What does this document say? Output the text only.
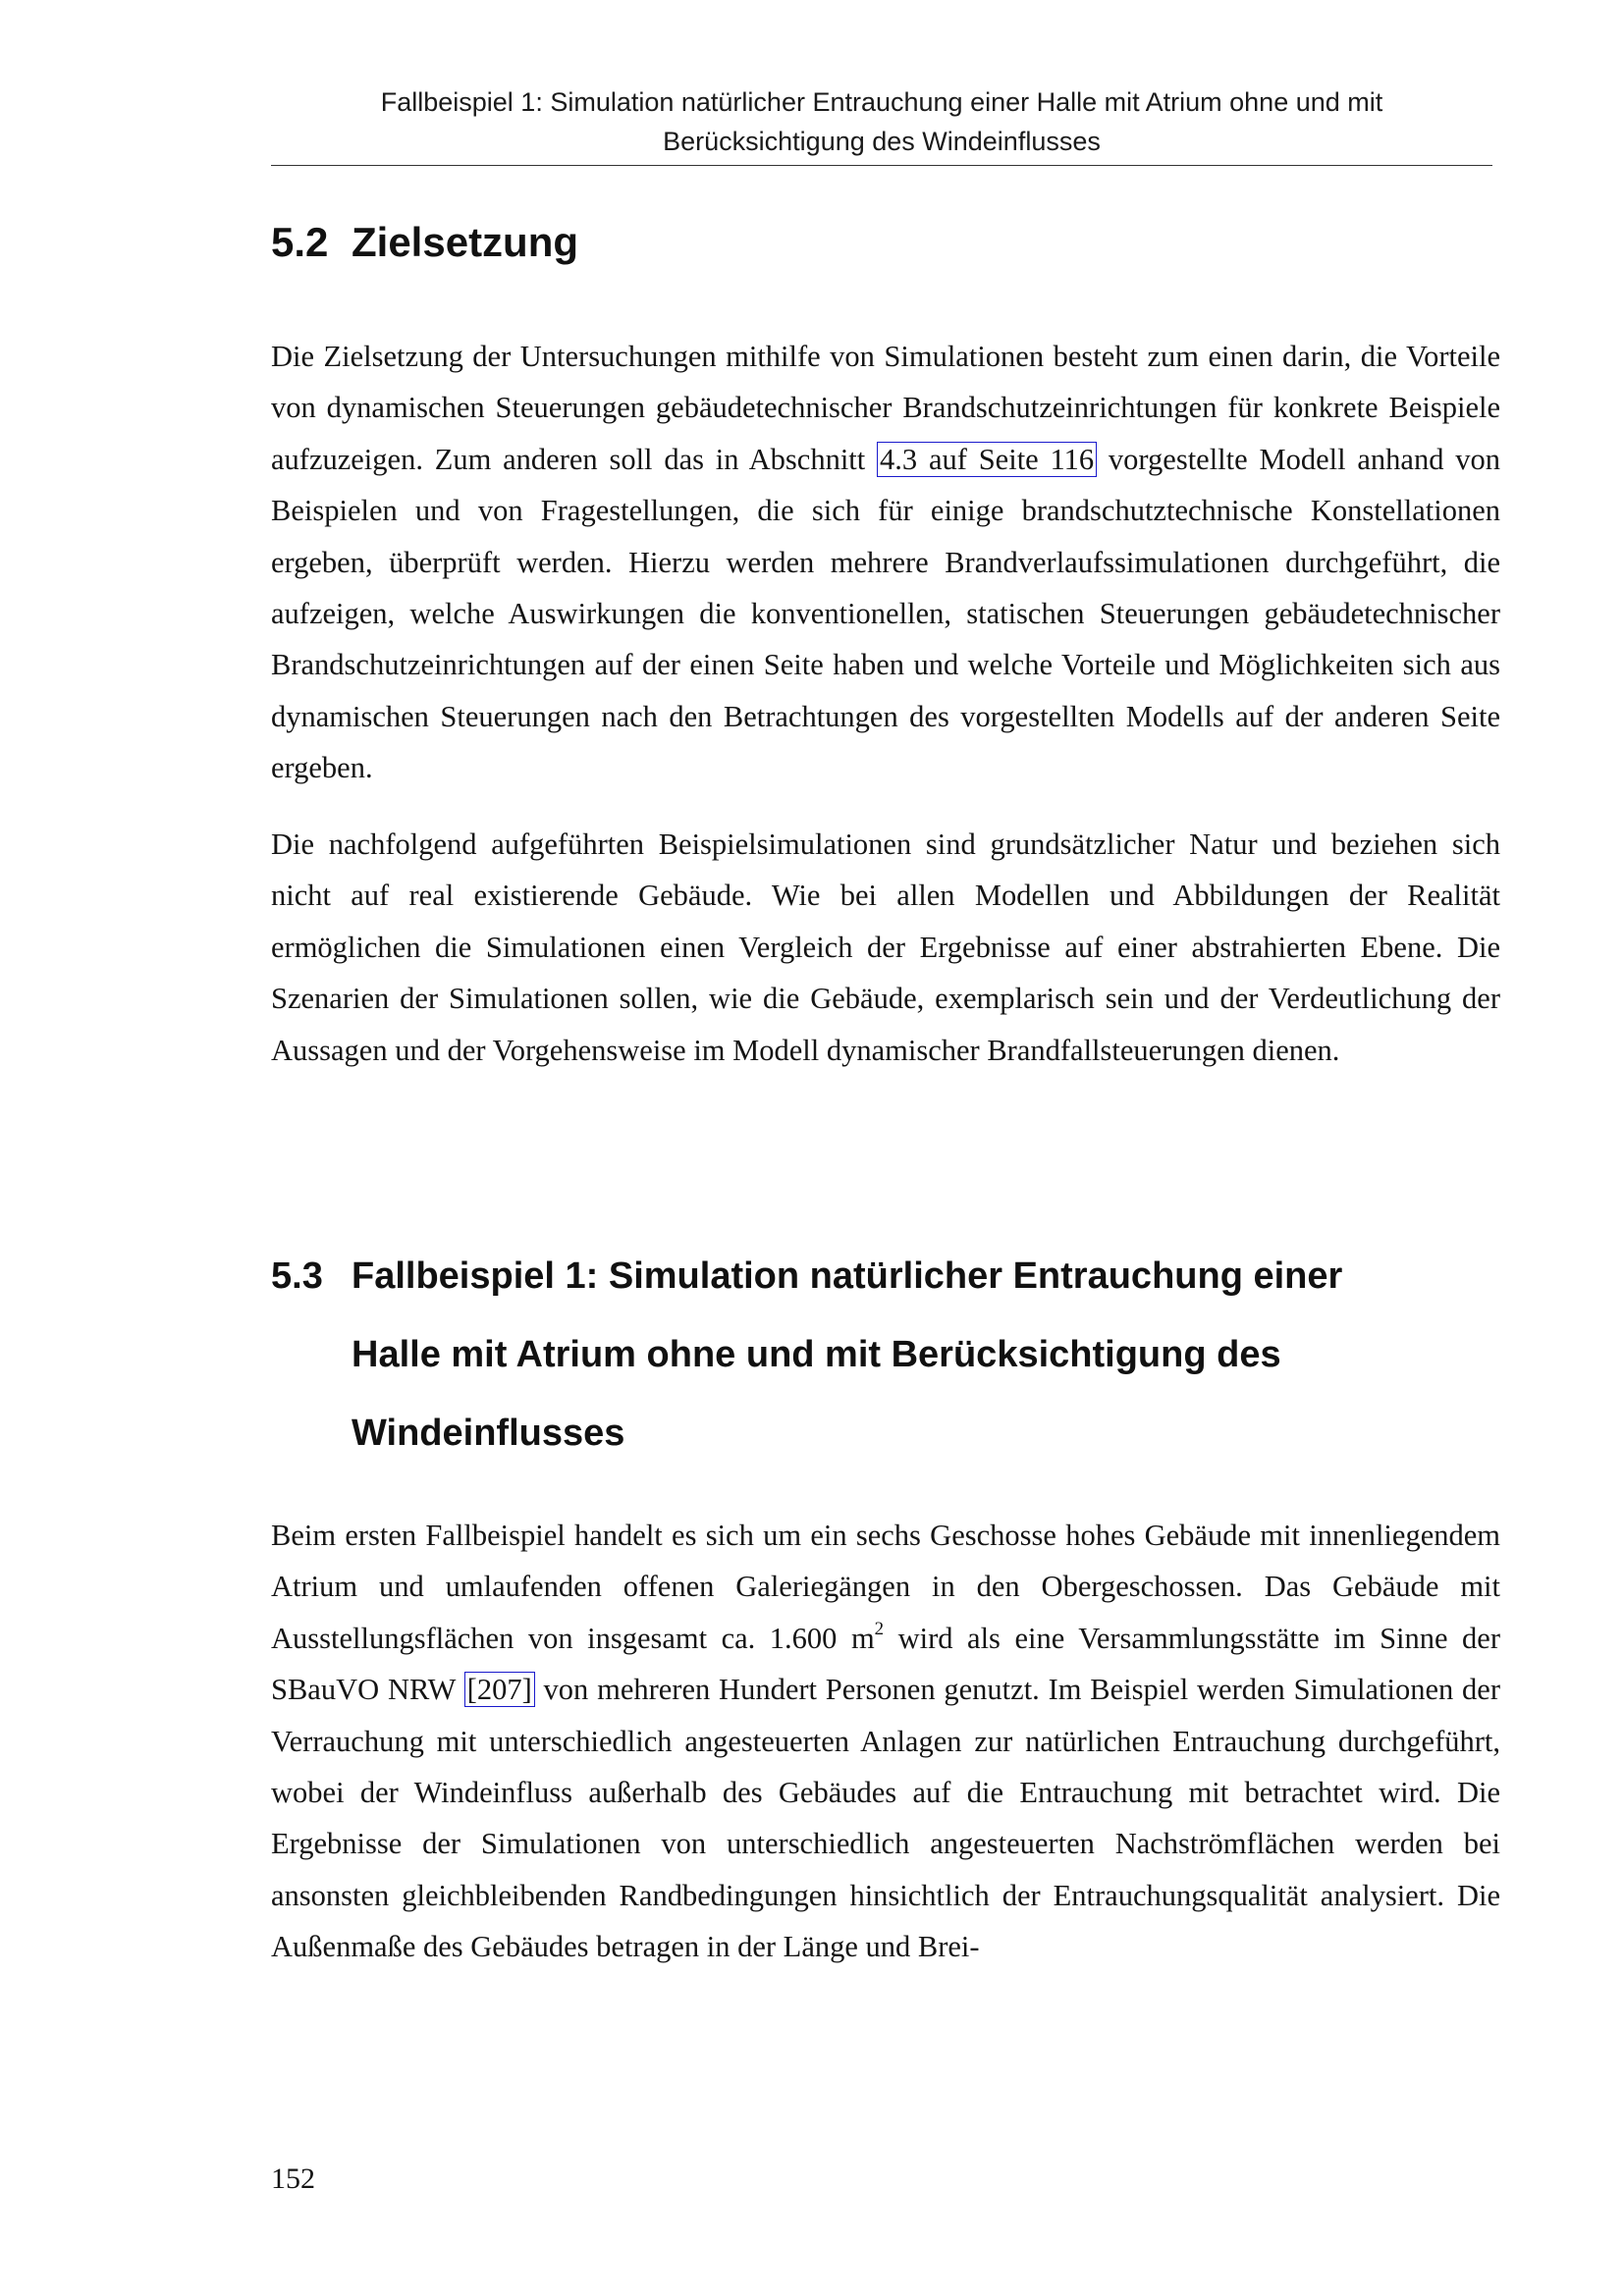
Fallbeispiel 1: Simulation natürlicher Entrauchung einer Halle mit Atrium ohne und mit
Berücksichtigung des Windeinflusses
5.2 Zielsetzung

Die Zielsetzung der Untersuchungen mithilfe von Simulationen besteht zum einen darin, die Vorteile von dynamischen Steuerungen gebäudetechnischer Brandschutzeinrichtungen für konkrete Beispiele aufzuzeigen. Zum anderen soll das in Abschnitt 4.3 auf Seite 116 vorgestellte Modell anhand von Beispielen und von Fragestellungen, die sich für einige brandschutztechnische Konstellationen ergeben, überprüft werden. Hierzu werden mehrere Brandverlaufssimulationen durchgeführt, die aufzeigen, welche Auswirkungen die konventionellen, statischen Steuerungen gebäudetechnischer Brandschutzeinrichtungen auf der einen Seite haben und welche Vorteile und Möglichkeiten sich aus dynamischen Steuerungen nach den Betrachtungen des vorgestellten Modells auf der anderen Seite ergeben.

Die nachfolgend aufgeführten Beispielsimulationen sind grundsätzlicher Natur und beziehen sich nicht auf real existierende Gebäude. Wie bei allen Modellen und Abbildungen der Realität ermöglichen die Simulationen einen Vergleich der Ergebnisse auf einer abstrahierten Ebene. Die Szenarien der Simulationen sollen, wie die Gebäude, exemplarisch sein und der Verdeutlichung der Aussagen und der Vorgehensweise im Modell dynamischer Brandfallsteuerungen dienen.

5.3 Fallbeispiel 1: Simulation natürlicher Entrauchung einer
Halle mit Atrium ohne und mit Berücksichtigung des
Windeinflusses

Beim ersten Fallbeispiel handelt es sich um ein sechs Geschosse hohes Gebäude mit innenliegendem Atrium und umlaufenden offenen Galeriegängen in den Obergeschossen. Das Gebäude mit Ausstellungsflächen von insgesamt ca. 1.600 $m^2$ wird als eine Versammlungsstätte im Sinne der SBauVO NRW [207] von mehreren Hundert Personen genutzt. Im Beispiel werden Simulationen der Verrauchung mit unterschiedlich angesteuerten Anlagen zur natürlichen Entrauchung durchgeführt, wobei der Windeinfluss außerhalb des Gebäudes auf die Entrauchung mit betrachtet wird. Die Ergebnisse der Simulationen von unterschiedlich angesteuerten Nachströmflächen werden bei ansonsten gleichbleibenden Randbedingungen hinsichtlich der Entrauchungsqualität analysiert. Die Außenmaße des Gebäudes betragen in der Länge und Brei-

152
